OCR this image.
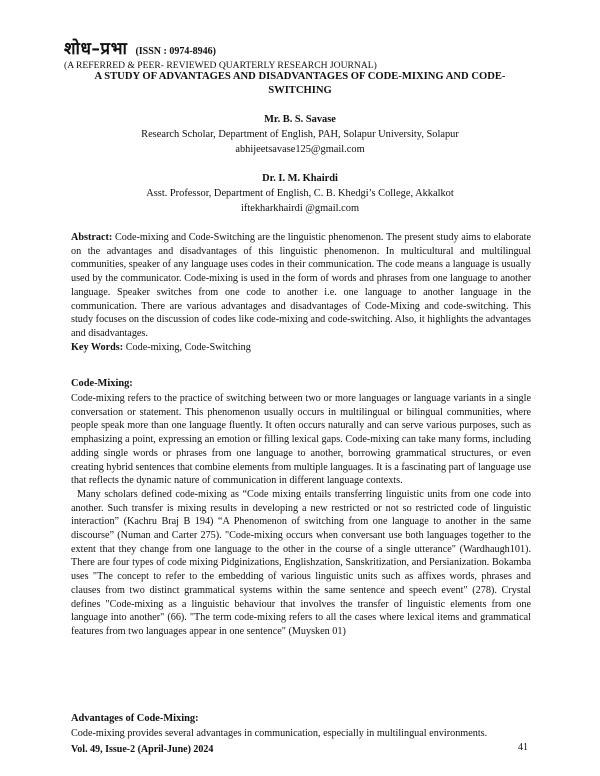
शोध–प्रभा (ISSN : 0974-8946)
(A REFERRED & PEER- REVIEWED QUARTERLY RESEARCH JOURNAL)
A STUDY OF ADVANTAGES AND DISADVANTAGES OF CODE-MIXING AND CODE-SWITCHING
Mr. B. S. Savase
Research Scholar, Department of English, PAH, Solapur University, Solapur
abhijeetsavase125@gmail.com
Dr. I. M. Khairdi
Asst. Professor, Department of English, C. B. Khedgi’s College, Akkalkot
iftekharkhairdi @gmail.com

Abstract: Code-mixing and Code-Switching are the linguistic phenomenon. The present study aims to elaborate on the advantages and disadvantages of this linguistic phenomenon. In multicultural and multilingual communities, speaker of any language uses codes in their communication. The code means a language is usually used by the communicator. Code-mixing is used in the form of words and phrases from one language to another language. Speaker switches from one code to another i.e. one language to another language in the communication. There are various advantages and disadvantages of Code-Mixing and code-switching. This study focuses on the discussion of codes like code-mixing and code-switching. Also, it highlights the advantages and disadvantages.

Key Words: Code-mixing, Code-Switching

Code-Mixing:

Code-mixing refers to the practice of switching between two or more languages or language variants in a single conversation or statement. This phenomenon usually occurs in multilingual or bilingual communities, where people speak more than one language fluently. It often occurs naturally and can serve various purposes, such as emphasizing a point, expressing an emotion or filling lexical gaps. Code-mixing can take many forms, including adding single words or phrases from one language to another, borrowing grammatical structures, or even creating hybrid sentences that combine elements from multiple languages. It is a fascinating part of language use that reflects the dynamic nature of communication in different language contexts.

Many scholars defined code-mixing as “Code mixing entails transferring linguistic units from one code into another. Such transfer is mixing results in developing a new restricted or not so restricted code of linguistic interaction” (Kachru Braj B 194) “A Phenomenon of switching from one language to another in the same discourse” (Numan and Carter 275). "Code-mixing occurs when conversant use both languages together to the extent that they change from one language to the other in the course of a single utterance" (Wardhaugh101). There are four types of code mixing Pidginizations, Englishzation, Sanskritization, and Persianization. Bokamba uses "The concept to refer to the embedding of various linguistic units such as affixes words, phrases and clauses from two distinct grammatical systems within the same sentence and speech event" (278). Crystal defines "Code-mixing as a linguistic behaviour that involves the transfer of linguistic elements from one language into another" (66). "The term code-mixing refers to all the cases where lexical items and grammatical features from two languages appear in one sentence" (Muysken 01)

Advantages of Code-Mixing:

Code-mixing provides several advantages in communication, especially in multilingual environments.

Vol. 49, Issue-2 (April-June) 2024	41
